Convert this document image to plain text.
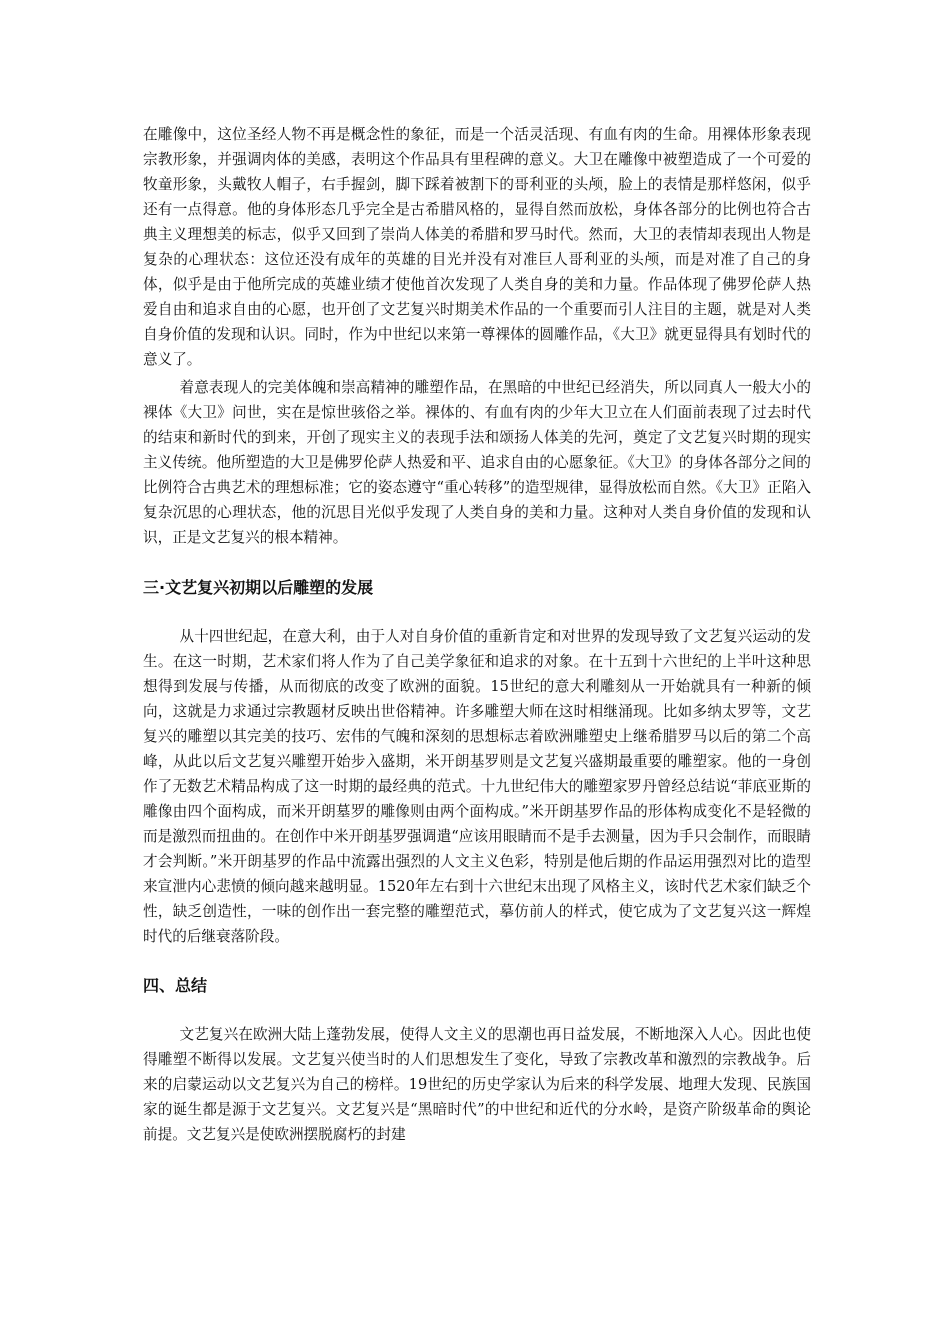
在雕像中，这位圣经人物不再是概念性的象征，而是一个活灵活现、有血有肉的生命。用裸体形象表现宗教形象，并强调肉体的美感，表明这个作品具有里程碑的意义。大卫在雕像中被塑造成了一个可爱的牧童形象，头戴牧人帽子，右手握剑，脚下踩着被割下的哥利亚的头颅，脸上的表情是那样悠闲，似乎还有一点得意。他的身体形态几乎完全是古希腊风格的，显得自然而放松，身体各部分的比例也符合古典主义理想美的标志，似乎又回到了崇尚人体美的希腊和罗马时代。然而，大卫的表情却表现出人物是复杂的心理状态：这位还没有成年的英雄的目光并没有对准巨人哥利亚的头颅，而是对准了自己的身体，似乎是由于他所完成的英雄业绩才使他首次发现了人类自身的美和力量。作品体现了佛罗伦萨人热爱自由和追求自由的心愿，也开创了文艺复兴时期美术作品的一个重要而引人注目的主题，就是对人类自身价值的发现和认识。同时，作为中世纪以来第一尊裸体的圆雕作品，《大卫》就更显得具有划时代的意义了。

着意表现人的完美体魄和崇高精神的雕塑作品，在黑暗的中世纪已经消失，所以同真人一般大小的裸体《大卫》问世，实在是惊世骇俗之举。裸体的、有血有肉的少年大卫立在人们面前表现了过去时代的结束和新时代的到来，开创了现实主义的表现手法和颂扬人体美的先河，奠定了文艺复兴时期的现实主义传统。他所塑造的大卫是佛罗伦萨人热爱和平、追求自由的心愿象征。《大卫》的身体各部分之间的比例符合古典艺术的理想标准；它的姿态遵守“重心转移”的造型规律，显得放松而自然。《大卫》正陷入复杂沉思的心理状态，他的沉思目光似乎发现了人类自身的美和力量。这种对人类自身价值的发现和认识，正是文艺复兴的根本精神。

三·文艺复兴初期以后雕塑的发展

从十四世纪起，在意大利，由于人对自身价值的重新肯定和对世界的发现导致了文艺复兴运动的发生。在这一时期，艺术家们将人作为了自己美学象征和追求的对象。在十五到十六世纪的上半叶这种思想得到发展与传播，从而彻底的改变了欧洲的面貌。15世纪的意大利雕刻从一开始就具有一种新的倾向，这就是力求通过宗教题材反映出世俗精神。许多雕塑大师在这时相继涌现。比如多纳太罗等，文艺复兴的雕塑以其完美的技巧、宏伟的气魄和深刻的思想标志着欧洲雕塑史上继希腊罗马以后的第二个高峰，从此以后文艺复兴雕塑开始步入盛期，米开朗基罗则是文艺复兴盛期最重要的雕塑家。他的一身创作了无数艺术精品构成了这一时期的最经典的范式。十九世纪伟大的雕塑家罗丹曾经总结说“菲底亚斯的雕像由四个面构成，而米开朗墓罗的雕像则由两个面构成。”米开朗基罗作品的形体构成变化不是轻微的而是激烈而扭曲的。在创作中米开朗基罗强调遣“应该用眼睛而不是手去测量，因为手只会制作，而眼睛才会判断。”米开朗基罗的作品中流露出强烈的人文主义色彩，特别是他后期的作品运用强烈对比的造型来宣泄内心悲愤的倾向越来越明显。1520年左右到十六世纪末出现了风格主义，该时代艺术家们缺乏个性，缺乏创造性，一味的创作出一套完整的雕塑范式，摹仿前人的样式，使它成为了文艺复兴这一辉煌时代的后继衰落阶段。

四、总结

文艺复兴在欧洲大陆上蓬勃发展，使得人文主义的思潮也再日益发展，不断地深入人心。因此也使得雕塑不断得以发展。文艺复兴使当时的人们思想发生了变化，导致了宗教改革和激烈的宗教战争。后来的启蒙运动以文艺复兴为自己的榜样。19世纪的历史学家认为后来的科学发展、地理大发现、民族国家的诞生都是源于文艺复兴。文艺复兴是“黑暗时代”的中世纪和近代的分水岭，是资产阶级革命的舆论前提。文艺复兴是使欧洲摆脱腐朽的封建
